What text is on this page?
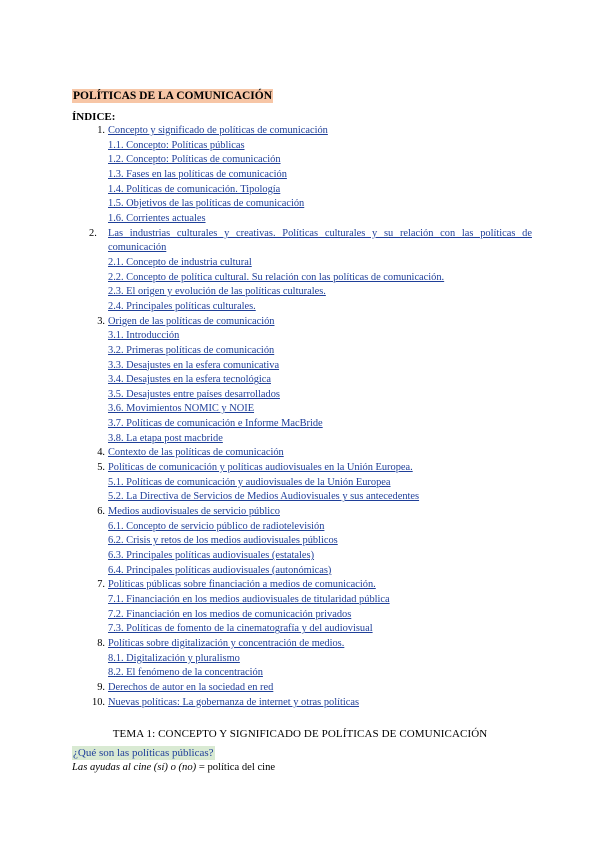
POLÍTICAS DE LA COMUNICACIÓN
ÍNDICE:
1. Concepto y significado de políticas de comunicación
1.1. Concepto: Políticas públicas
1.2. Concepto: Políticas de comunicación
1.3. Fases en las políticas de comunicación
1.4. Políticas de comunicación. Tipología
1.5. Objetivos de las políticas de comunicación
1.6. Corrientes actuales
2.	Las industrias culturales y creativas. Políticas culturales y su relación con las políticas de comunicación
2.1. Concepto de industria cultural
2.2. Concepto de política cultural. Su relación con las políticas de comunicación.
2.3. El origen y evolución de las políticas culturales.
2.4. Principales políticas culturales.
3. Origen de las políticas de comunicación
3.1. Introducción
3.2. Primeras políticas de comunicación
3.3. Desajustes en la esfera comunicativa
3.4. Desajustes en la esfera tecnológica
3.5. Desajustes entre países desarrollados
3.6. Movimientos NOMIC y NOIE
3.7. Políticas de comunicación e Informe MacBride
3.8. La etapa post macbride
4. Contexto de las políticas de comunicación
5. Políticas de comunicación y políticas audiovisuales en la Unión Europea.
5.1. Políticas de comunicación y audiovisuales de la Unión Europea
5.2. La Directiva de Servicios de Medios Audiovisuales y sus antecedentes
6. Medios audiovisuales de servicio público
6.1. Concepto de servicio público de radiotelevisión
6.2. Crisis y retos de los medios audiovisuales públicos
6.3. Principales políticas audiovisuales (estatales)
6.4. Principales políticas audiovisuales (autonómicas)
7. Políticas públicas sobre financiación a medios de comunicación.
7.1. Financiación en los medios audiovisuales de titularidad pública
7.2. Financiación en los medios de comunicación privados
7.3. Políticas de fomento de la cinematografía y del audiovisual
8. Políticas sobre digitalización y concentración de medios.
8.1. Digitalización y pluralismo
8.2. El fenómeno de la concentración
9. Derechos de autor en la sociedad en red
10. Nuevas políticas: La gobernanza de internet y otras políticas
TEMA 1: CONCEPTO Y SIGNIFICADO DE POLÍTICAS DE COMUNICACIÓN
¿Qué son las políticas públicas?
Las ayudas al cine (sí) o (no) = política del cine
